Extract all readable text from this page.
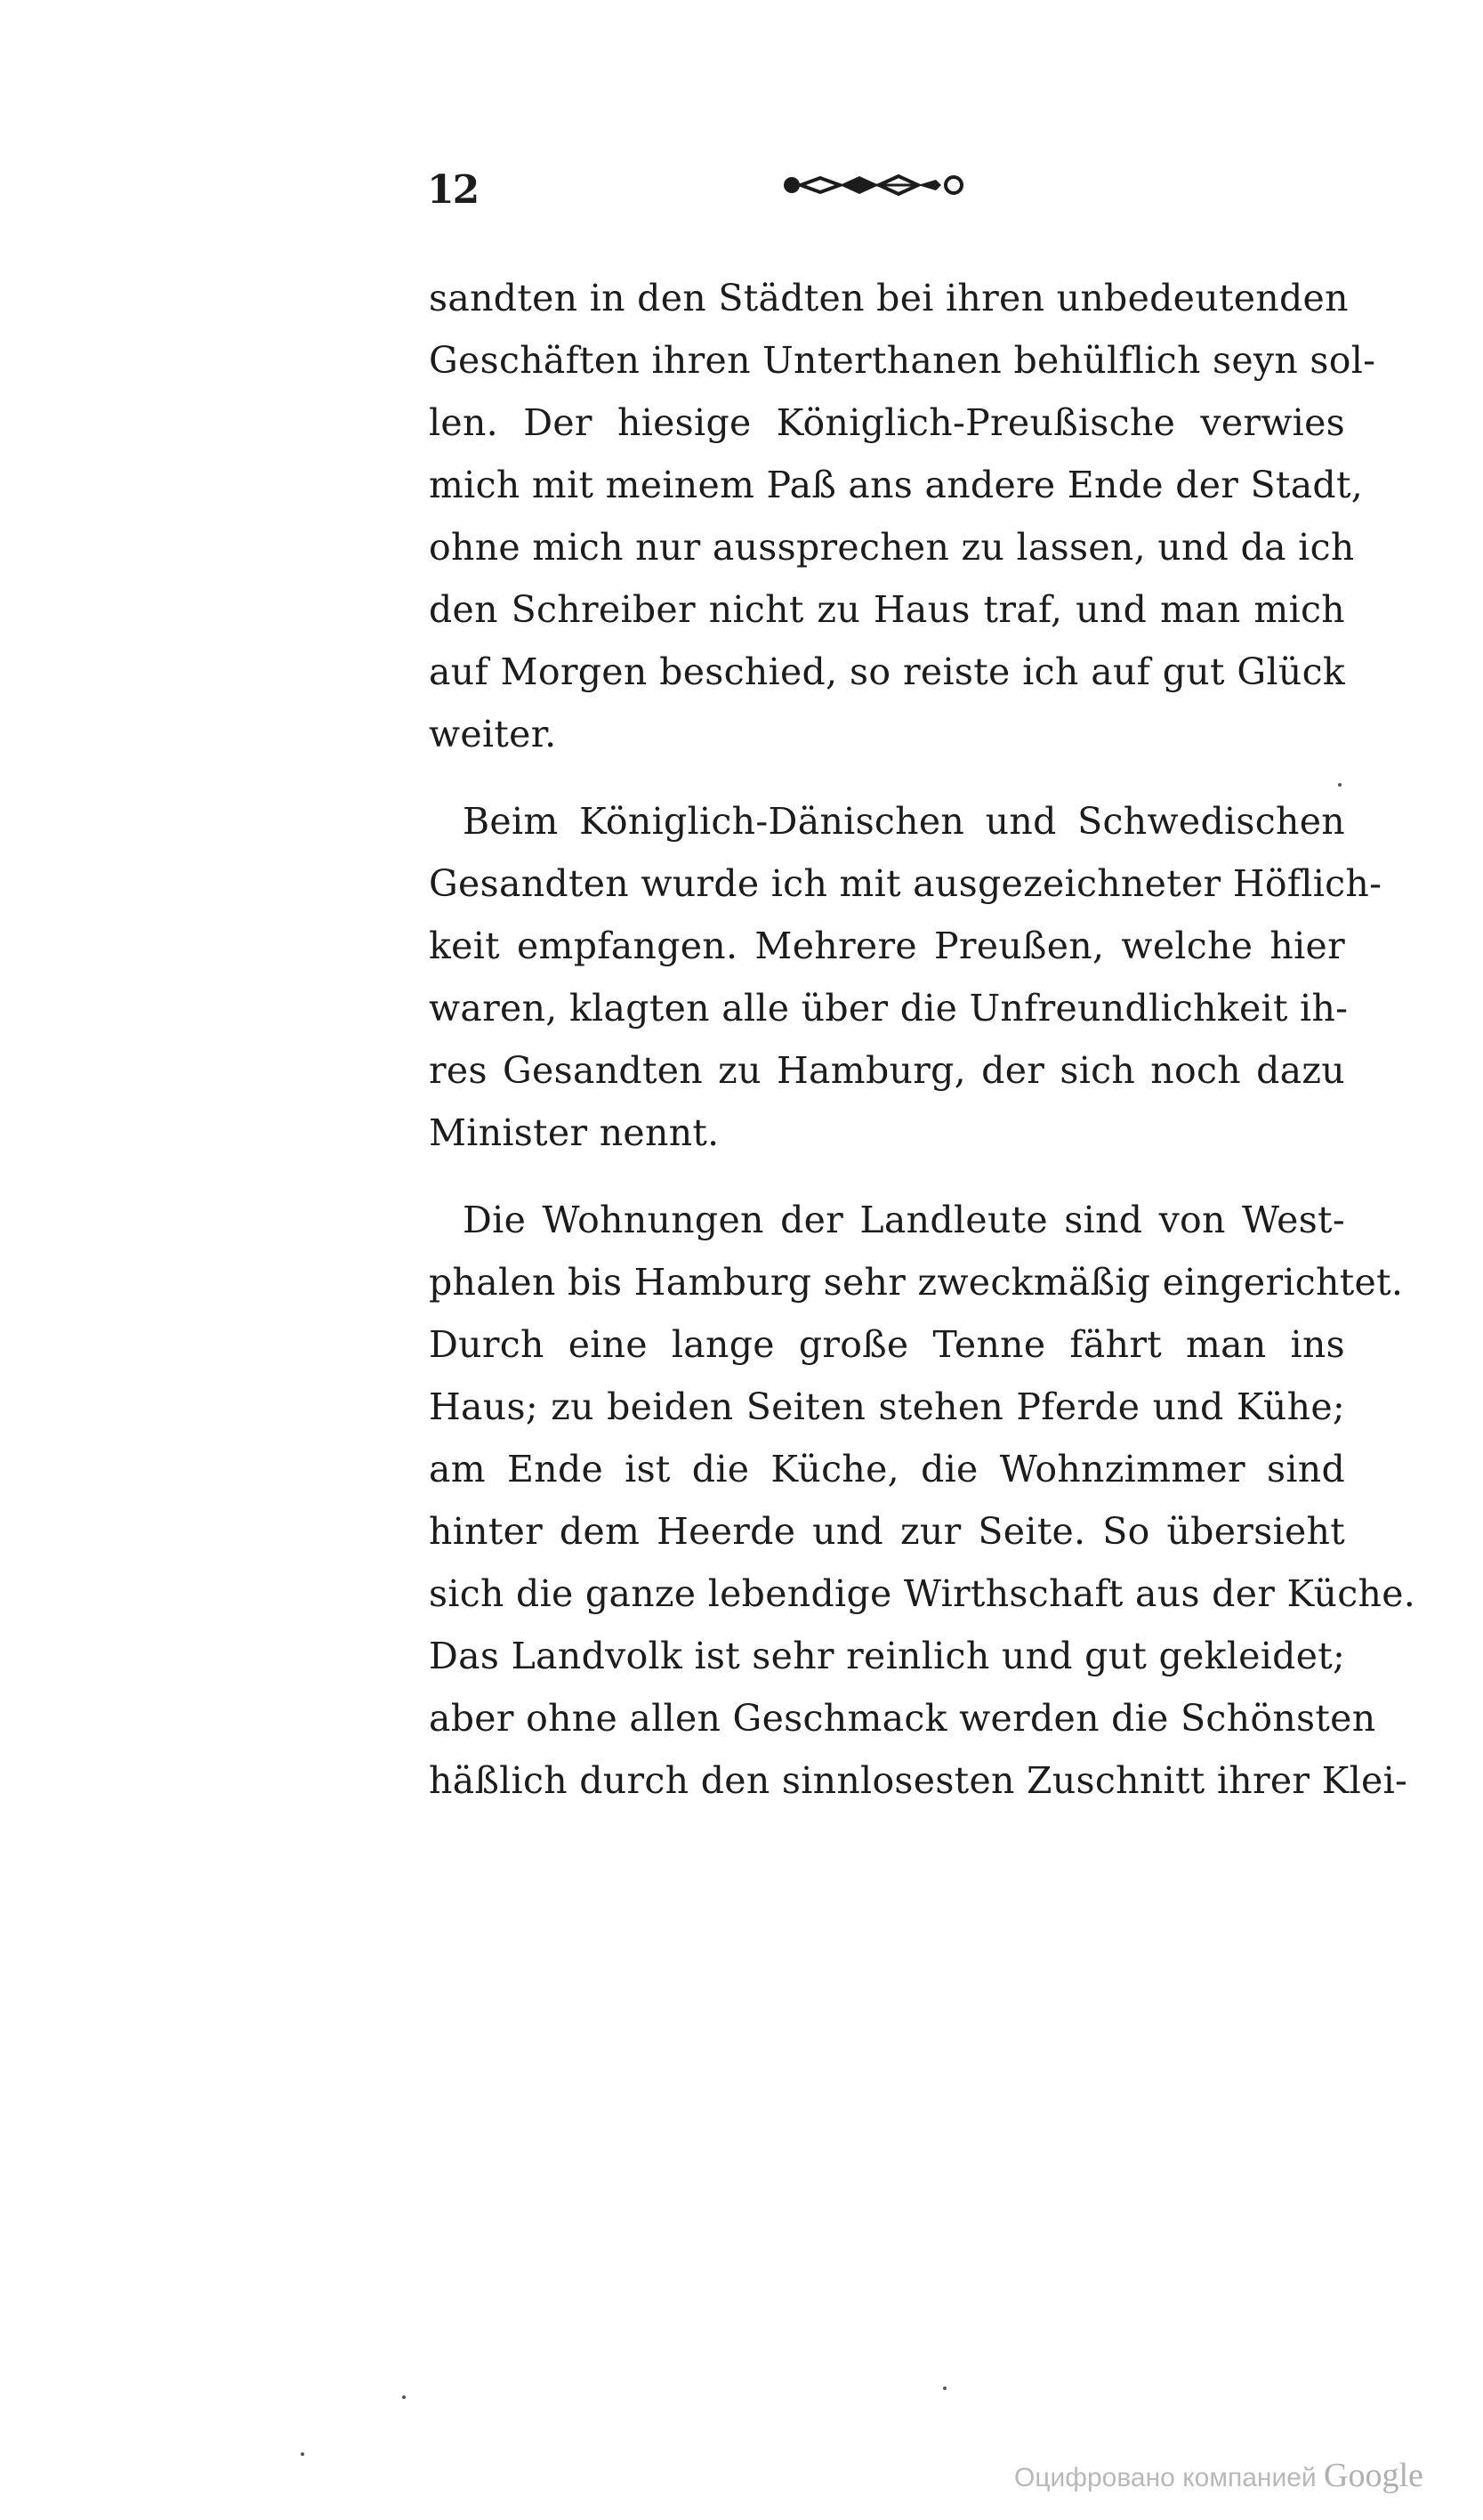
12
sandten in den Städten bei ihren unbedeutenden
Geschäften ihren Unterthanen behülflich seyn sol-
len. Der hiesige Königlich-Preußische verwies
mich mit meinem Paß ans andere Ende der Stadt,
ohne mich nur aussprechen zu lassen, und da ich
den Schreiber nicht zu Haus traf, und man mich
auf Morgen beschied, so reiste ich auf gut Glück
weiter.
Beim Königlich-Dänischen und Schwedischen
Gesandten wurde ich mit ausgezeichneter Höflich-
keit empfangen. Mehrere Preußen, welche hier
waren, klagten alle über die Unfreundlichkeit ih-
res Gesandten zu Hamburg, der sich noch dazu
Minister nennt.
Die Wohnungen der Landleute sind von West-
phalen bis Hamburg sehr zweckmäßig eingerichtet.
Durch eine lange große Tenne fährt man ins
Haus; zu beiden Seiten stehen Pferde und Kühe;
am Ende ist die Küche, die Wohnzimmer sind
hinter dem Heerde und zur Seite. So übersieht
sich die ganze lebendige Wirthschaft aus der Küche.
Das Landvolk ist sehr reinlich und gut gekleidet;
aber ohne allen Geschmack werden die Schönsten
häßlich durch den sinnlosesten Zuschnitt ihrer Klei-
Оцифровано компанией Google
